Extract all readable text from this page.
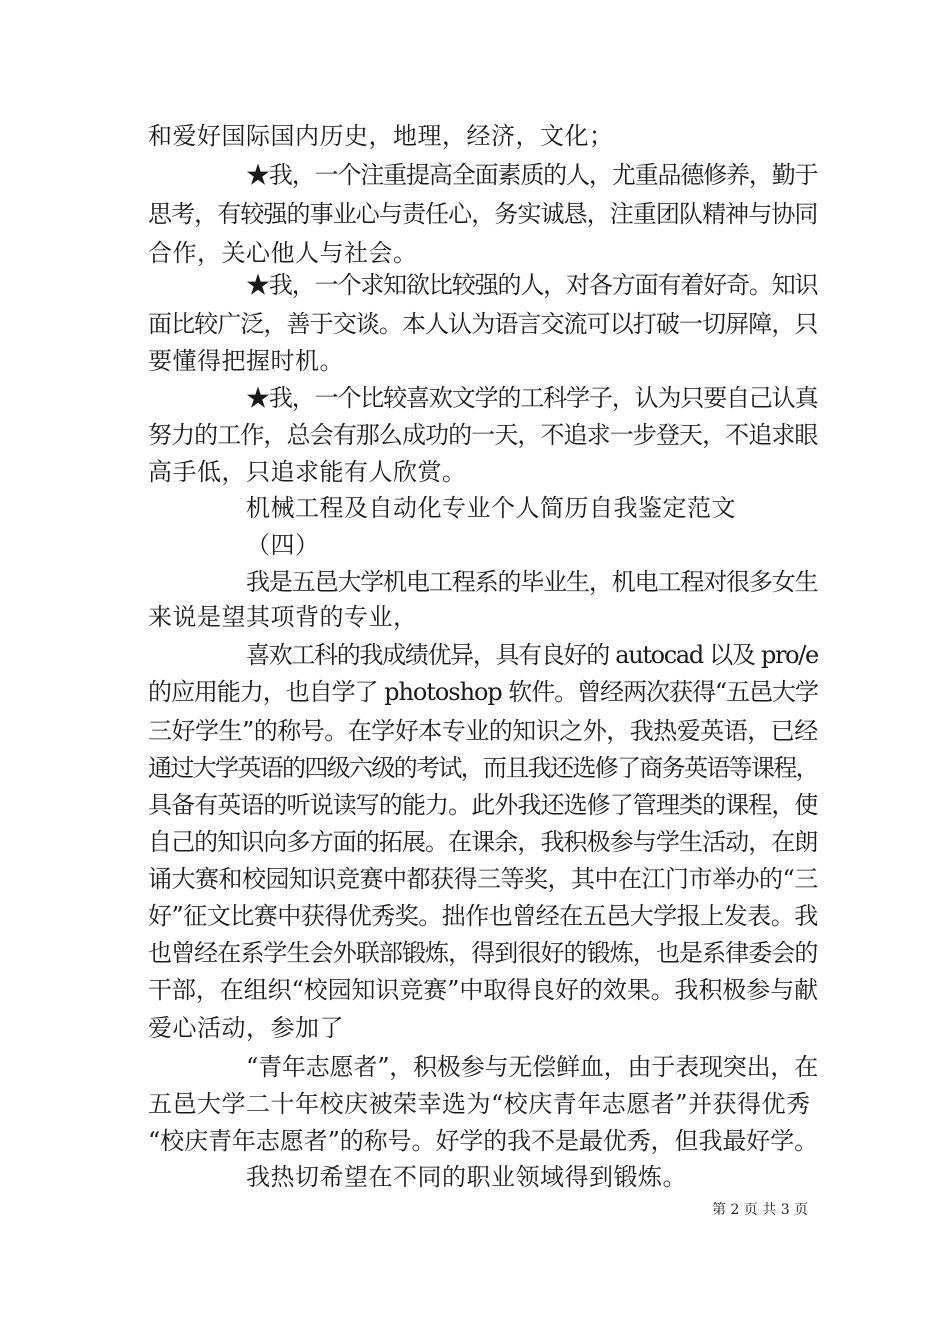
和爱好国际国内历史，地理，经济，文化；
★我，一个注重提高全面素质的人，尤重品德修养，勤于
思考，有较强的事业心与责任心，务实诚恳，注重团队精神与协同
合作，关心他人与社会。
★我，一个求知欲比较强的人，对各方面有着好奇。知识
面比较广泛，善于交谈。本人认为语言交流可以打破一切屏障，只
要懂得把握时机。
★我，一个比较喜欢文学的工科学子，认为只要自己认真
努力的工作，总会有那么成功的一天，不追求一步登天，不追求眼
高手低，只追求能有人欣赏。
机械工程及自动化专业个人简历自我鉴定范文
（四）
我是五邑大学机电工程系的毕业生，机电工程对很多女生
来说是望其项背的专业，
喜欢工科的我成绩优异，具有良好的 autocad 以及 pro/e
的应用能力，也自学了 photoshop 软件。曾经两次获得“五邑大学
三好学生”的称号。在学好本专业的知识之外，我热爱英语，已经
通过大学英语的四级六级的考试，而且我还选修了商务英语等课程，
具备有英语的听说读写的能力。此外我还选修了管理类的课程，使
自己的知识向多方面的拓展。在课余，我积极参与学生活动，在朗
诵大赛和校园知识竞赛中都获得三等奖，其中在江门市举办的“三
好”征文比赛中获得优秀奖。拙作也曾经在五邑大学报上发表。我
也曾经在系学生会外联部锻炼，得到很好的锻炼，也是系律委会的
干部，在组织“校园知识竞赛”中取得良好的效果。我积极参与献
爱心活动，参加了
“青年志愿者”，积极参与无偿鲜血，由于表现突出，在
五邑大学二十年校庆被荣幸选为“校庆青年志愿者”并获得优秀
“校庆青年志愿者”的称号。好学的我不是最优秀，但我最好学。
我热切希望在不同的职业领域得到锻炼。
第 2 页 共 3 页
